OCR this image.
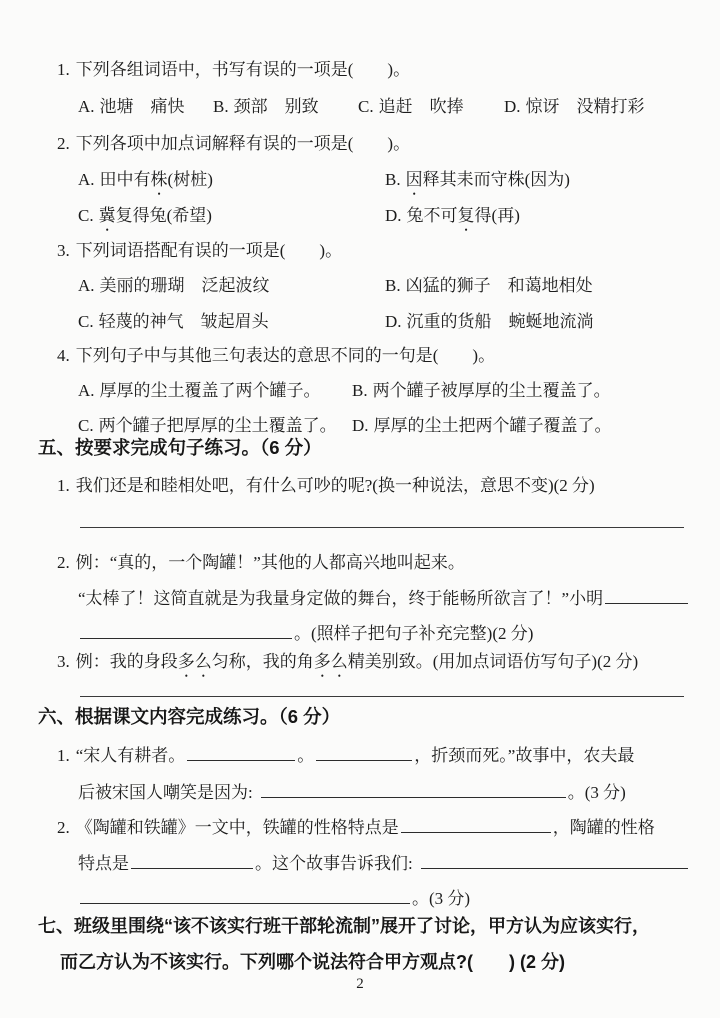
1. 下列各组词语中，书写有误的一项是(　　)。
A. 池塘　痛快 B. 颈部　别致 C. 追赶　吹捧 D. 惊讶　没精打彩
2. 下列各项中加点词解释有误的一项是(　　)。
A. 田中有株(树桩)	B. 因释其耒而守株(因为)
C. 冀复得兔(希望)	D. 兔不可复得(再)
3. 下列词语搭配有误的一项是(　　)。
A. 美丽的珊瑚　泛起波纹	B. 凶猛的狮子　和蔼地相处
C. 轻蔑的神气　皱起眉头	D. 沉重的货船　蜿蜒地流淌
4. 下列句子中与其他三句表达的意思不同的一句是(　　)。
A. 厚厚的尘土覆盖了两个罐子。 B. 两个罐子被厚厚的尘土覆盖了。
C. 两个罐子把厚厚的尘土覆盖了。 D. 厚厚的尘土把两个罐子覆盖了。
五、按要求完成句子练习。（6 分）
1. 我们还是和睦相处吧，有什么可吵的呢?(换一种说法，意思不变)(2 分)
2. 例：“真的，一个陶罐！”其他的人都高兴地叫起来。
“太棒了！这简直就是为我量身定做的舞台，终于能畅所欲言了！”小明
。(照样子把句子补充完整)(2 分)
3. 例：我的身段多么匀称，我的角多么精美别致。(用加点词语仿写句子)(2 分)
六、根据课文内容完成练习。（6 分）
1. “宋人有耕者。	。	，折颈而死。”故事中，农夫最
后被宋国人嘲笑是因为:	。(3 分)
2. 《陶罐和铁罐》一文中，铁罐的性格特点是	，陶罐的性格
特点是	。这个故事告诉我们:
。(3 分)
七、班级里围绕“该不该实行班干部轮流制”展开了讨论，甲方认为应该实行，
而乙方认为不该实行。下列哪个说法符合甲方观点?(　　) (2 分)
2
